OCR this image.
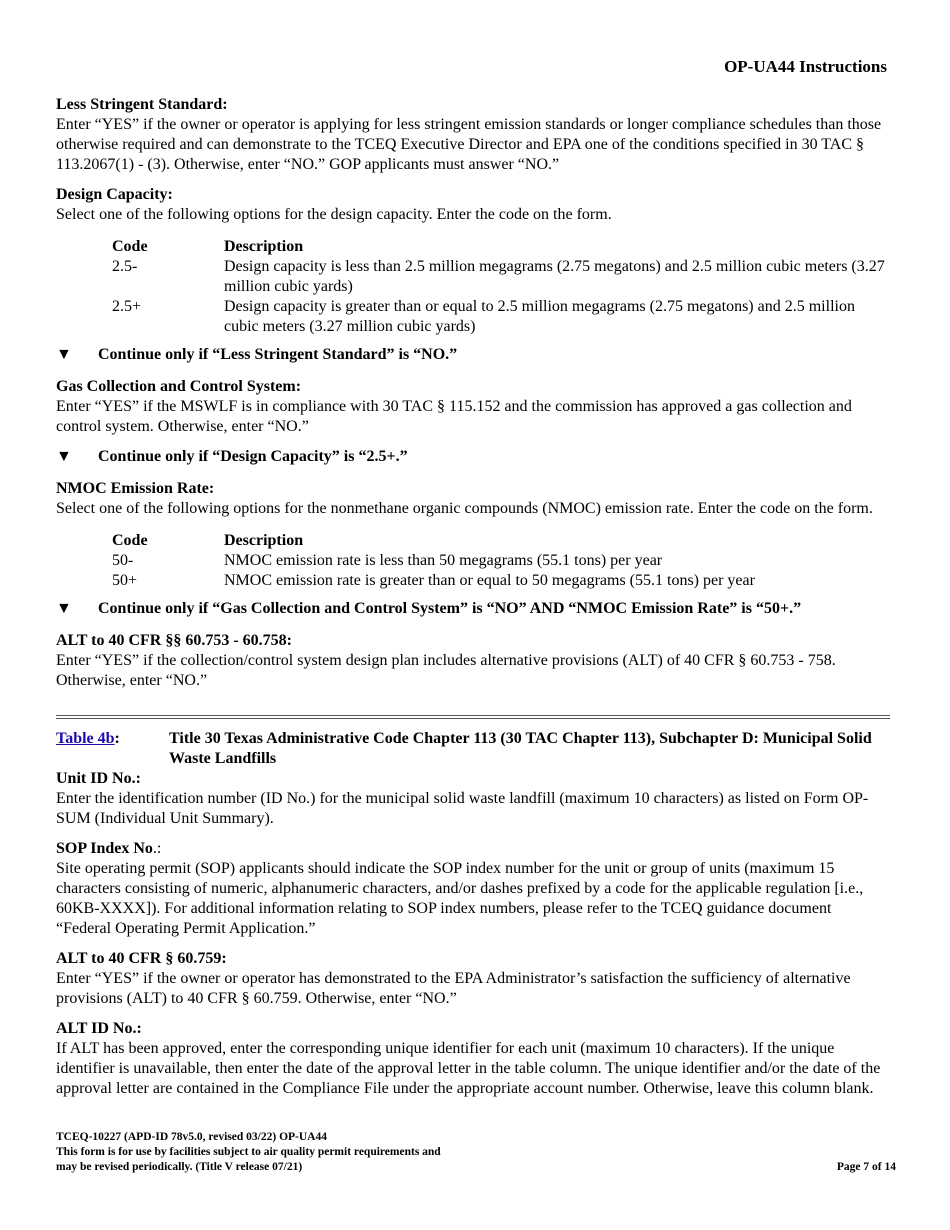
OP-UA44 Instructions
Less Stringent Standard:

Enter “YES” if the owner or operator is applying for less stringent emission standards or longer compliance schedules than those otherwise required and can demonstrate to the TCEQ Executive Director and EPA one of the conditions specified in 30 TAC § 113.2067(1) - (3). Otherwise, enter “NO.” GOP applicants must answer “NO.”

Design Capacity:

Select one of the following options for the design capacity. Enter the code on the form.

Code	Description
2.5-	Design capacity is less than 2.5 million megagrams (2.75 megatons) and 2.5 million cubic meters (3.27 million cubic yards)
2.5+	Design capacity is greater than or equal to 2.5 million megagrams (2.75 megatons) and 2.5 million cubic meters (3.27 million cubic yards)
▼	Continue only if “Less Stringent Standard” is “NO.”
Gas Collection and Control System:

Enter “YES” if the MSWLF is in compliance with 30 TAC § 115.152 and the commission has approved a gas collection and control system. Otherwise, enter “NO.”

▼	Continue only if “Design Capacity” is “2.5+.”
NMOC Emission Rate:

Select one of the following options for the nonmethane organic compounds (NMOC) emission rate. Enter the code on the form.

Code	Description
50-	NMOC emission rate is less than 50 megagrams (55.1 tons) per year
50+	NMOC emission rate is greater than or equal to 50 megagrams (55.1 tons) per year
▼	Continue only if “Gas Collection and Control System” is “NO” AND “NMOC Emission Rate” is “50+.”
ALT to 40 CFR §§ 60.753 - 60.758:

Enter “YES” if the collection/control system design plan includes alternative provisions (ALT) of 40 CFR § 60.753 - 758. Otherwise, enter “NO.”

Table 4b:	Title 30 Texas Administrative Code Chapter 113 (30 TAC Chapter 113), Subchapter D: Municipal Solid Waste Landfills
Unit ID No.:

Enter the identification number (ID No.) for the municipal solid waste landfill (maximum 10 characters) as listed on Form OP-SUM (Individual Unit Summary).

SOP Index No.:

Site operating permit (SOP) applicants should indicate the SOP index number for the unit or group of units (maximum 15 characters consisting of numeric, alphanumeric characters, and/or dashes prefixed by a code for the applicable regulation [i.e., 60KB-XXXX]). For additional information relating to SOP index numbers, please refer to the TCEQ guidance document “Federal Operating Permit Application.”

ALT to 40 CFR § 60.759:

Enter “YES” if the owner or operator has demonstrated to the EPA Administrator’s satisfaction the sufficiency of alternative provisions (ALT) to 40 CFR § 60.759. Otherwise, enter “NO.”

ALT ID No.:

If ALT has been approved, enter the corresponding unique identifier for each unit (maximum 10 characters). If the unique identifier is unavailable, then enter the date of the approval letter in the table column. The unique identifier and/or the date of the approval letter are contained in the Compliance File under the appropriate account number. Otherwise, leave this column blank.

TCEQ-10227 (APD-ID 78v5.0, revised 03/22) OP-UA44
This form is for use by facilities subject to air quality permit requirements and
may be revised periodically. (Title V release 07/21)	Page 7 of 14
